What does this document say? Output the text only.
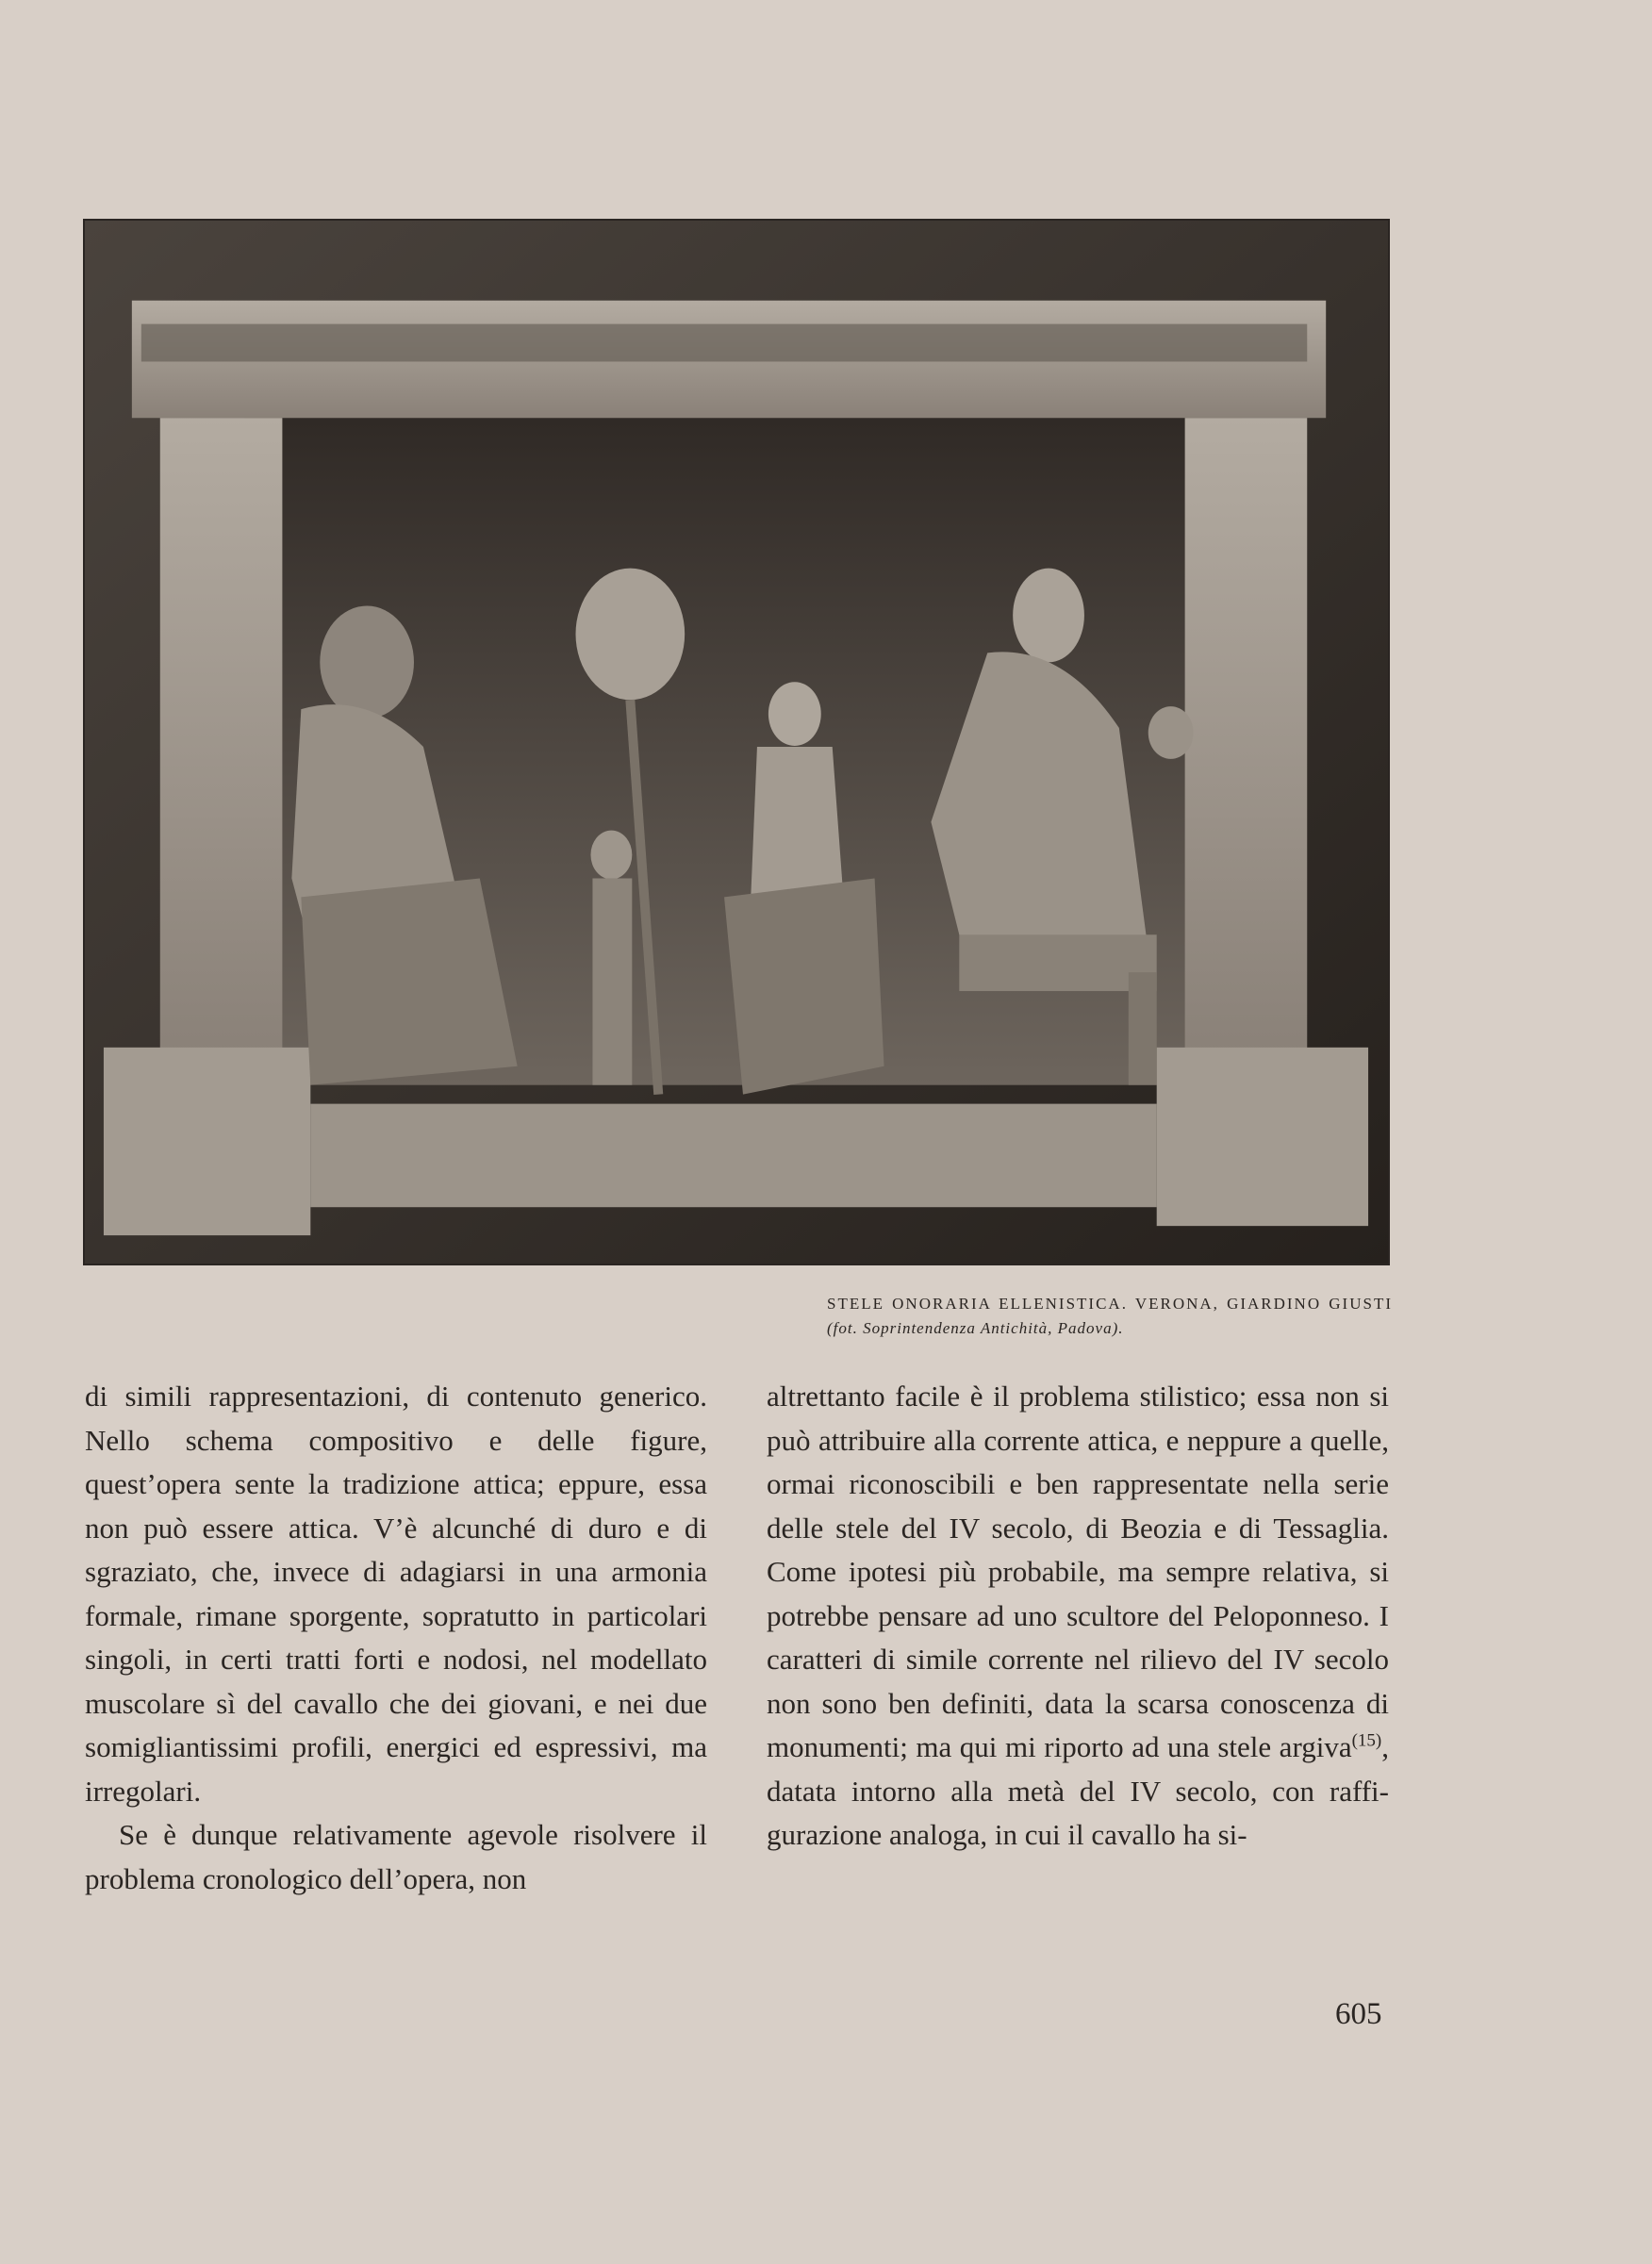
STELE ONORARIA ELLENISTICA. VERONA, GIARDINO GIUSTI (fot. Soprintendenza Antichità, Padova).

di simili rappresentazioni, di contenuto generico. Nello schema compositivo e delle figure, quest’opera sente la tradizione attica; eppure, essa non può essere attica. V’è alcunché di duro e di sgraziato, che, invece di adagiarsi in una armonia formale, rimane sporgente, sopratutto in particolari singoli, in certi tratti forti e nodosi, nel modellato muscolare sì del cavallo che dei giovani, e nei due somigliantissimi profili, energici ed espressivi, ma irregolari.

Se è dunque relativamente agevole risolvere il problema cronologico dell’opera, non

altrettanto facile è il problema stilistico; essa non si può attribuire alla corrente attica, e neppure a quelle, ormai riconoscibili e ben rappresentate nella serie delle stele del IV secolo, di Beozia e di Tessaglia. Come ipotesi più probabile, ma sempre relativa, si potrebbe pensare ad uno scultore del Peloponneso. I caratteri di simile corrente nel rilievo del IV secolo non sono ben definiti, data la scarsa conoscenza di monumenti; ma qui mi riporto ad una stele argiva$^{(15)}$, datata intorno alla metà del IV secolo, con raffigurazione analoga, in cui il cavallo ha si-

605
